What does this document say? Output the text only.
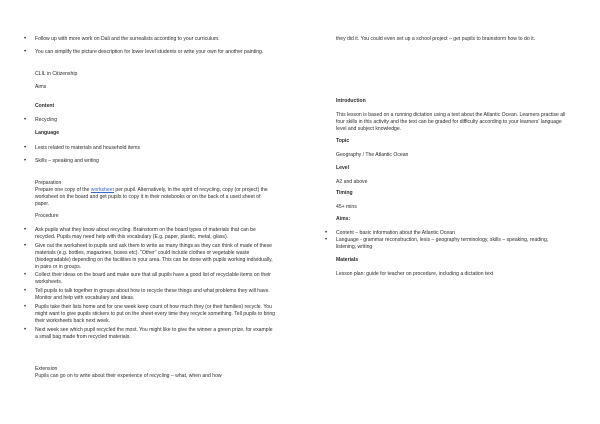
• Follow up with more work on Dali and the surrealists according to your curriculum.
• You can simplify the picture description for lower level students or write your own for another painting.

CLIL in Citizenship

Aims

Content
• Recycling
Language
• Lexis related to materials and household items
• Skills – speaking and writing

Preparation

Prepare one copy of the worksheet per pupil. Alternatively, in the spirit of recycling, copy (or project) the worksheet on the board and get pupils to copy it in their notebooks or on the back of a used sheet of paper.

Procedure

• Ask pupils what they know about recycling. Brainstorm on the board types of materials that can be recycled. Pupils may need help with this vocabulary (E.g. paper, plastic, metal, glass).
• Give out the worksheet to pupils and ask them to write as many things as they can think of made of these materials (e.g. bottles, magazines, boxes etc). “Other” could include clothes or vegetable waste (biodegradable) depending on the facilities in your area. This can be done with pupils working individually, in pairs or in groups.
• Collect their ideas on the board and make sure that all pupils have a good list of recyclable items on their worksheets.
• Tell pupils to talk together in groups about how to recycle these things and what problems they will have. Monitor and help with vocabulary and ideas.
• Pupils take their lists home and for one week keep count of how much they (or their families) recycle. You might want to give pupils stickers to put on the sheet every time they recycle something. Tell pupils to bring their worksheets back next week.
• Next week see which pupil recycled the most. You might like to give the winner a green prize, for example a small bag made from recycled materials.

Extension

Pupils can go on to write about their experience of recycling – what, when and how

they did it. You could even set up a school project – get pupils to brainstorm how to do it.

Introduction

This lesson is based on a running dictation using a text about the Atlantic Ocean. Learners practise all four skills in this activity and the text can be graded for difficulty according to your learners' language level and subject knowledge.

Topic

Geography / The Atlantic Ocean

Level

A2 and above

Timing

45+ mins

Aims:
• Content – basic information about the Atlantic Ocean
• Language - grammar reconstruction, lexis – geography terminology, skills – speaking, reading, listening, writing
Materials

Lesson plan: guide for teacher on procedure, including a dictation text
